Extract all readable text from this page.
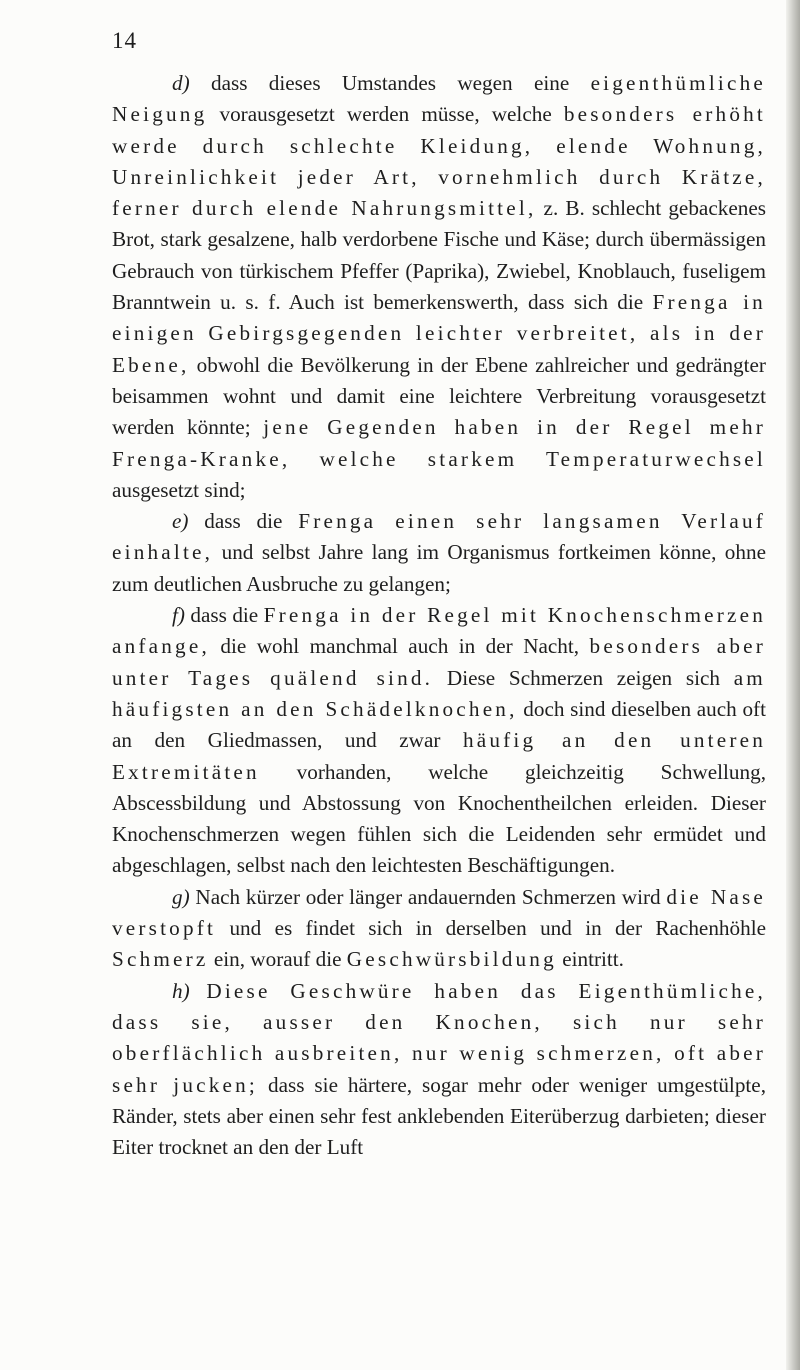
14

d) dass dieses Umstandes wegen eine eigenthümliche Neigung vorausgesetzt werden müsse, welche besonders erhöht werde durch schlechte Kleidung, elende Wohnung, Unreinlichkeit jeder Art, vornehmlich durch Krätze, ferner durch elende Nahrungsmittel, z. B. schlecht gebackenes Brot, stark gesalzene, halb verdorbene Fische und Käse; durch übermässigen Gebrauch von türkischem Pfeffer (Paprika), Zwiebel, Knoblauch, fuseligem Branntwein u. s. f. Auch ist bemerkenswerth, dass sich die Frenga in einigen Gebirgsgegenden leichter verbreitet, als in der Ebene, obwohl die Bevölkerung in der Ebene zahlreicher und gedrängter beisammen wohnt und damit eine leichtere Verbreitung vorausgesetzt werden könnte; jene Gegenden haben in der Regel mehr Frenga-Kranke, welche starkem Temperaturwechsel ausgesetzt sind;

e) dass die Frenga einen sehr langsamen Verlauf einhalte, und selbst Jahre lang im Organismus fortkeimen könne, ohne zum deutlichen Ausbruche zu gelangen;

f) dass die Frenga in der Regel mit Knochenschmerzen anfange, die wohl manchmal auch in der Nacht, besonders aber unter Tages quälend sind. Diese Schmerzen zeigen sich am häufigsten an den Schädelknochen, doch sind dieselben auch oft an den Gliedmassen, und zwar häufig an den unteren Extremitäten vorhanden, welche gleichzeitig Schwellung, Abscessbildung und Abstossung von Knochentheilchen erleiden. Dieser Knochenschmerzen wegen fühlen sich die Leidenden sehr ermüdet und abgeschlagen, selbst nach den leichtesten Beschäftigungen.

g) Nach kürzer oder länger andauernden Schmerzen wird die Nase verstopft und es findet sich in derselben und in der Rachenhöhle Schmerz ein, worauf die Geschwürsbildung eintritt.

h) Diese Geschwüre haben das Eigenthümliche, dass sie, ausser den Knochen, sich nur sehr oberflächlich ausbreiten, nur wenig schmerzen, oft aber sehr jucken; dass sie härtere, sogar mehr oder weniger umgestülpte, Ränder, stets aber einen sehr fest anklebenden Eiterüberzug darbieten; dieser Eiter trocknet an den der Luft
